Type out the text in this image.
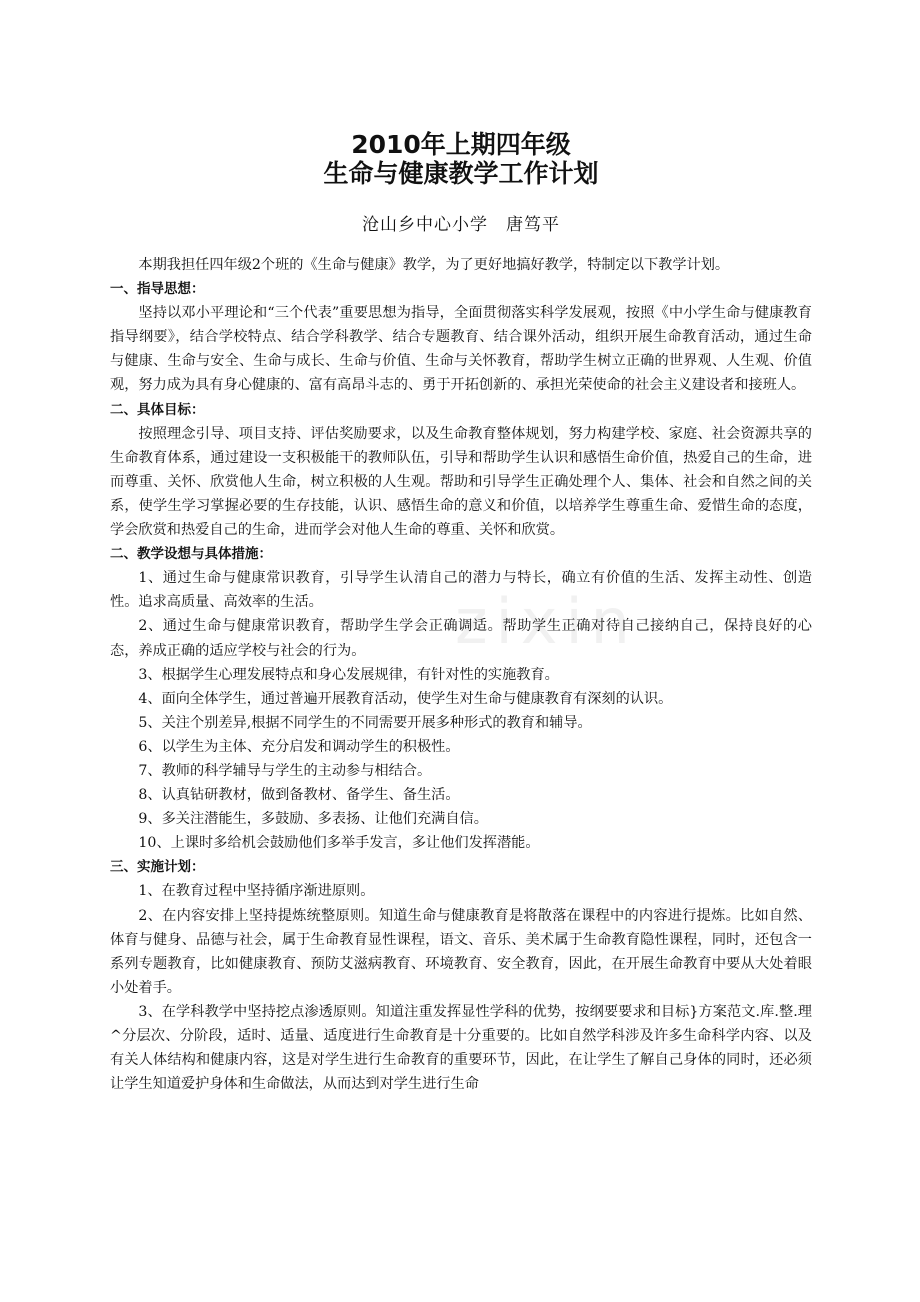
zixin
2010年上期四年级
生命与健康教学工作计划
沧山乡中心小学　唐笃平

本期我担任四年级2个班的《生命与健康》教学，为了更好地搞好教学，特制定以下教学计划。

一、指导思想：

坚持以邓小平理论和“三个代表”重要思想为指导，全面贯彻落实科学发展观，按照《中小学生命与健康教育指导纲要》，结合学校特点、结合学科教学、结合专题教育、结合课外活动，组织开展生命教育活动，通过生命与健康、生命与安全、生命与成长、生命与价值、生命与关怀教育，帮助学生树立正确的世界观、人生观、价值观，努力成为具有身心健康的、富有高昂斗志的、勇于开拓创新的、承担光荣使命的社会主义建设者和接班人。

二、具体目标：

按照理念引导、项目支持、评估奖励要求，以及生命教育整体规划，努力构建学校、家庭、社会资源共享的生命教育体系，通过建设一支积极能干的教师队伍，引导和帮助学生认识和感悟生命价值，热爱自己的生命，进而尊重、关怀、欣赏他人生命，树立积极的人生观。帮助和引导学生正确处理个人、集体、社会和自然之间的关系，使学生学习掌握必要的生存技能，认识、感悟生命的意义和价值，以培养学生尊重生命、爱惜生命的态度，学会欣赏和热爱自己的生命，进而学会对他人生命的尊重、关怀和欣赏。

二、教学设想与具体措施：

1、通过生命与健康常识教育，引导学生认清自己的潜力与特长，确立有价值的生活、发挥主动性、创造性。追求高质量、高效率的生活。

2、通过生命与健康常识教育，帮助学生学会正确调适。帮助学生正确对待自己接纳自己，保持良好的心态，养成正确的适应学校与社会的行为。

3、根据学生心理发展特点和身心发展规律，有针对性的实施教育。

4、面向全体学生，通过普遍开展教育活动，使学生对生命与健康教育有深刻的认识。

5、关注个别差异,根据不同学生的不同需要开展多种形式的教育和辅导。

6、以学生为主体、充分启发和调动学生的积极性。

7、教师的科学辅导与学生的主动参与相结合。

8、认真钻研教材，做到备教材、备学生、备生活。

9、多关注潜能生，多鼓励、多表扬、让他们充满自信。

10、上课时多给机会鼓励他们多举手发言，多让他们发挥潜能。

三、实施计划：

1、在教育过程中坚持循序渐进原则。

2、在内容安排上坚持提炼统整原则。知道生命与健康教育是将散落在课程中的内容进行提炼。比如自然、体育与健身、品德与社会，属于生命教育显性课程，语文、音乐、美术属于生命教育隐性课程，同时，还包含一系列专题教育，比如健康教育、预防艾滋病教育、环境教育、安全教育，因此，在开展生命教育中要从大处着眼小处着手。

3、在学科教学中坚持挖点渗透原则。知道注重发挥显性学科的优势，按纲要要求和目标}方案范文.库.整.理^分层次、分阶段，适时、适量、适度进行生命教育是十分重要的。比如自然学科涉及许多生命科学内容、以及有关人体结构和健康内容，这是对学生进行生命教育的重要环节，因此，在让学生了解自己身体的同时，还必须让学生知道爱护身体和生命做法，从而达到对学生进行生命
